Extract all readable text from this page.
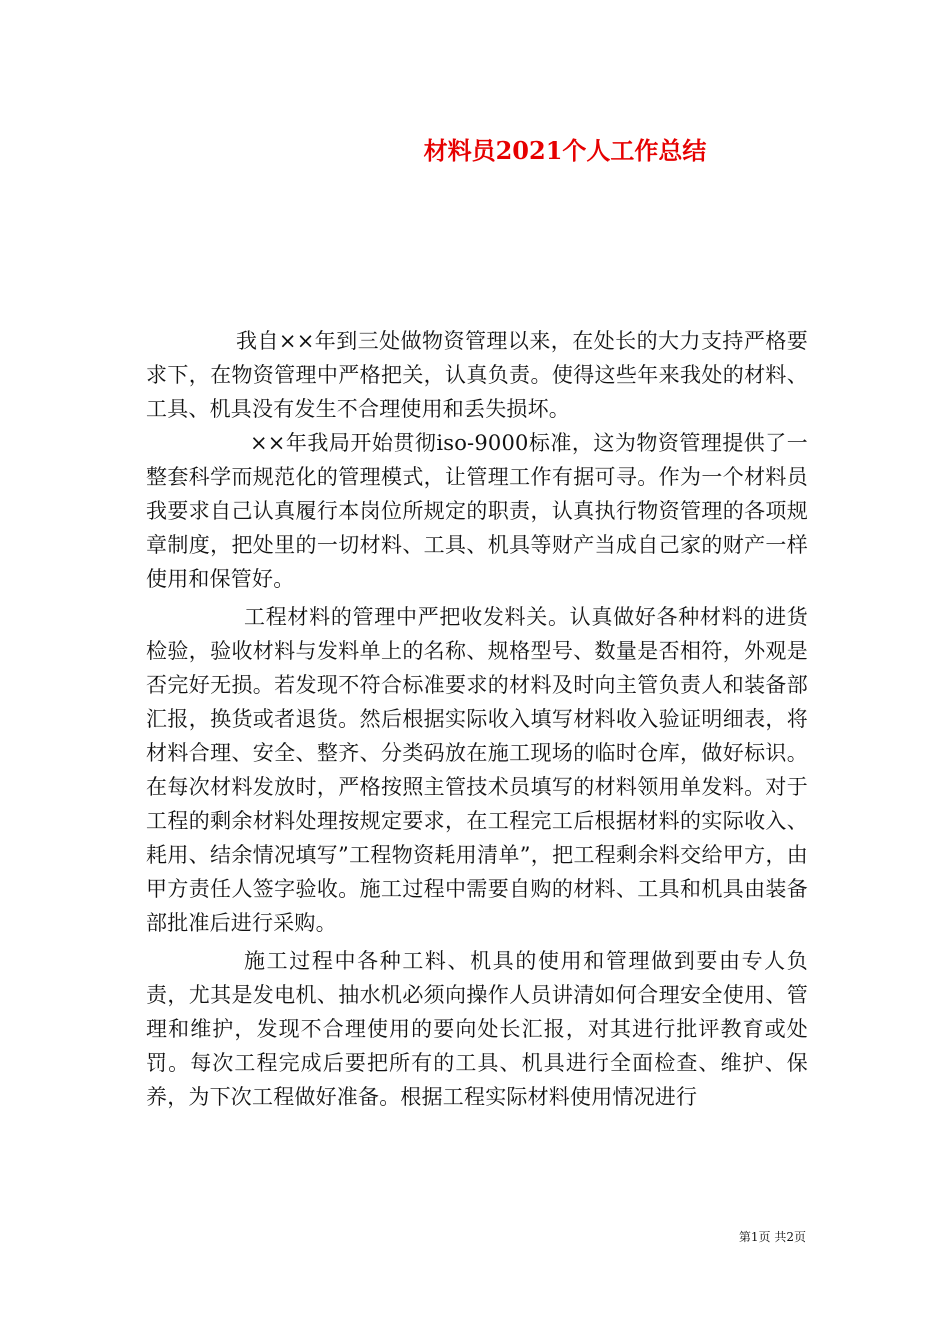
材料员2021个人工作总结

我自××年到三处做物资管理以来，在处长的大力支持严格要求下，在物资管理中严格把关，认真负责。使得这些年来我处的材料、工具、机具没有发生不合理使用和丢失损坏。

××年我局开始贯彻iso-9000标准，这为物资管理提供了一整套科学而规范化的管理模式，让管理工作有据可寻。作为一个材料员我要求自己认真履行本岗位所规定的职责，认真执行物资管理的各项规章制度，把处里的一切材料、工具、机具等财产当成自己家的财产一样使用和保管好。

工程材料的管理中严把收发料关。认真做好各种材料的进货检验，验收材料与发料单上的名称、规格型号、数量是否相符，外观是否完好无损。若发现不符合标准要求的材料及时向主管负责人和装备部汇报，换货或者退货。然后根据实际收入填写材料收入验证明细表，将材料合理、安全、整齐、分类码放在施工现场的临时仓库，做好标识。在每次材料发放时，严格按照主管技术员填写的材料领用单发料。对于工程的剩余材料处理按规定要求，在工程完工后根据材料的实际收入、耗用、结余情况填写”工程物资耗用清单”，把工程剩余料交给甲方，由甲方责任人签字验收。施工过程中需要自购的材料、工具和机具由装备部批准后进行采购。

施工过程中各种工料、机具的使用和管理做到要由专人负责，尤其是发电机、抽水机必须向操作人员讲清如何合理安全使用、管理和维护，发现不合理使用的要向处长汇报，对其进行批评教育或处罚。每次工程完成后要把所有的工具、机具进行全面检查、维护、保养，为下次工程做好准备。根据工程实际材料使用情况进行

第1页 共2页
